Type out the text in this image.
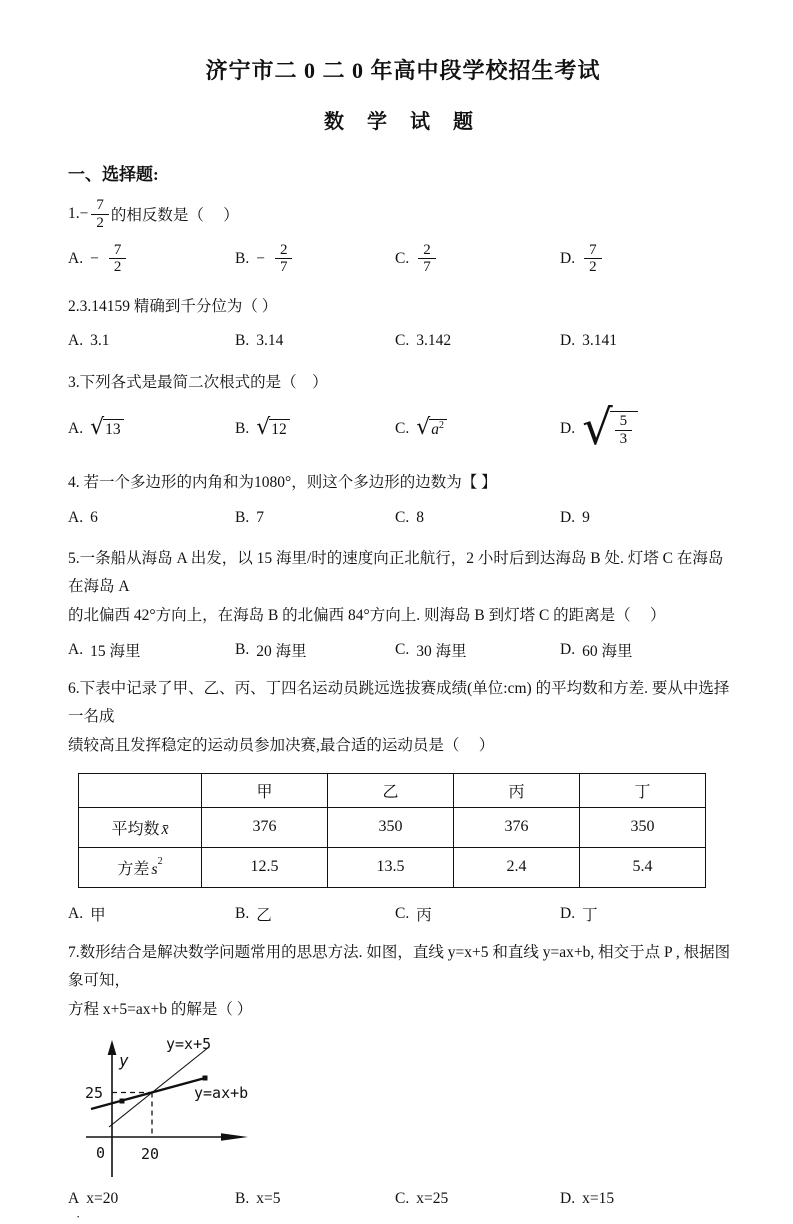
济宁市二 0 二 0 年高中段学校招生考试
数 学 试 题
一、选择题:
1. − $\frac{7}{2}$ 的相反数是（　 ）
A. − $\frac{7}{2}$	B. − $\frac{2}{7}$	C. $\frac{2}{7}$	D. $\frac{7}{2}$
2.3.14159 精确到千分位为（ ）
A. 3.1	B. 3.14	C. 3.142	D. 3.141
3.下列各式是最简二次根式的是（　）
A. √ 13	B. √ 12	C. √ $a^2$	D. √ $\frac{5}{3}$
4. 若一个多边形的内角和为1080°，则这个多边形的边数为【 】
A. 6	B. 7	C. 8	D. 9
5.一条船从海岛 A 出发，以 15 海里/时的速度向正北航行，2 小时后到达海岛 B 处. 灯塔 C 在海岛在海岛 A
的北偏西 42°方向上，在海岛 B 的北偏西 84°方向上. 则海岛 B 到灯塔 C 的距离是（　 ）
A. 15 海里	B. 20 海里	C. 30 海里	D. 60 海里
6.下表中记录了甲、乙、丙、丁四名运动员跳远选拔赛成绩(单位:cm) 的平均数和方差. 要从中选择一名成
绩较高且发挥稳定的运动员参加决赛,最合适的运动员是（　 ）
	甲	乙	丙	丁
平均数 x̄	376	350	376	350
方差 $s^2$	12.5	13.5	2.4	5.4
A. 甲	B. 乙	C. 丙	D. 丁
7.数形结合是解决数学问题常用的思思方法. 如图，直线 y=x+5 和直线 y=ax+b, 相交于点 P , 根据图象可知，
方程 x+5=ax+b 的解是（ ）
y
25
0 20
y=x+5
y=ax+b
A x=20	B. x=5	C. x=25	D. x=15
·
